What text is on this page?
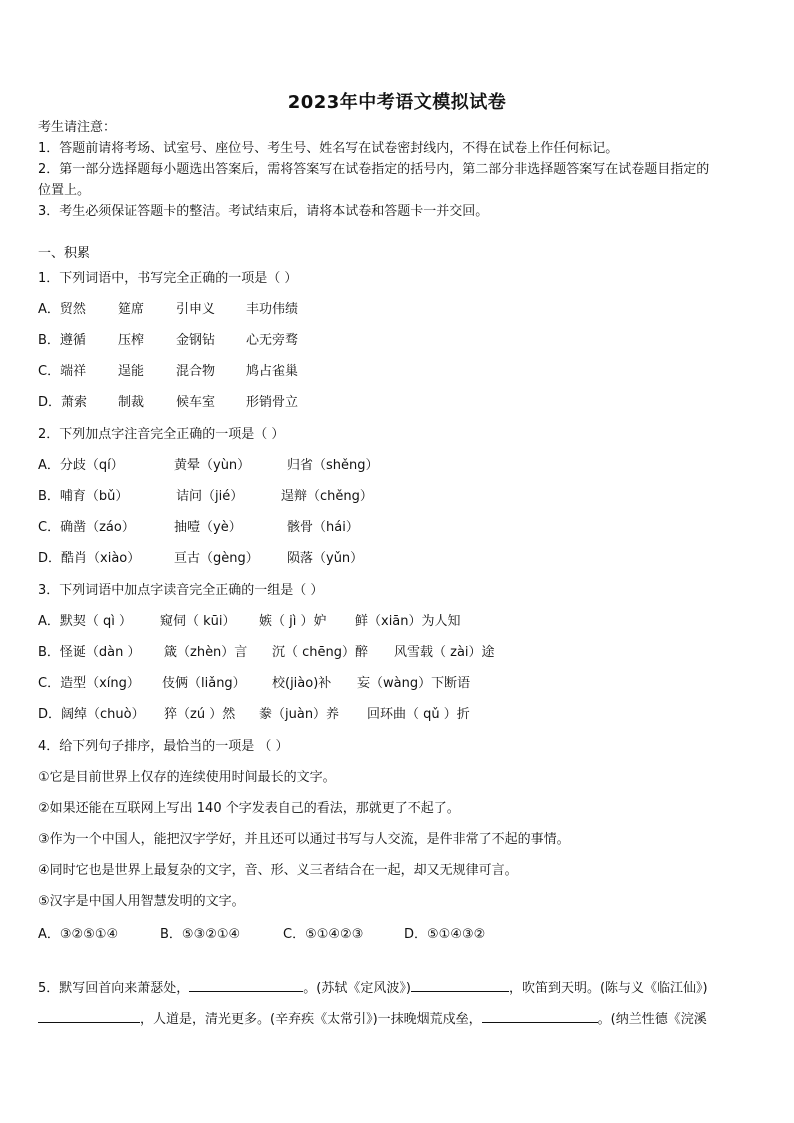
2023年中考语文模拟试卷
考生请注意：
1．答题前请将考场、试室号、座位号、考生号、姓名写在试卷密封线内，不得在试卷上作任何标记。
2．第一部分选择题每小题选出答案后，需将答案写在试卷指定的括号内，第二部分非选择题答案写在试卷题目指定的
位置上。
3．考生必须保证答题卡的整洁。考试结束后，请将本试卷和答题卡一并交回。
一、积累
1．下列词语中，书写完全正确的一项是（ ）
A．贸然 筵席 引申义 丰功伟绩
B．遵循 压榨 金钢钻 心无旁骛
C．端祥 逞能 混合物 鸠占雀巢
D．萧索 制裁 候车室 形销骨立
2．下列加点字注音完全正确的一项是（ ）
A．分歧（qí）	黄晕（yùn）	归省（shěng）
B．哺育（bǔ）	诘问（jié）	逞辩（chěng）
C．确凿（záo）	抽噎（yè）	骸骨（hái）
D．酷肖（xiào）	亘古（gèng） 陨落（yǔn）
3．下列词语中加点字读音完全正确的一组是（ ）
A．默契（ qì ） 窥伺（ kūi） 嫉（ jì ）妒 鲜（xiān）为人知
B．怪诞（dàn ） 箴（zhèn）言 沉（ chēng）醉 风雪载（ zài）途
C．造型（xíng） 伎俩（liǎng） 校(jiào)补 妄（wàng）下断语
D．阔绰（chuò） 猝（zú ）然 豢（juàn）养 回环曲（ qǔ ）折
4．给下列句子排序，最恰当的一项是 （ ）
①它是目前世界上仅存的连续使用时间最长的文字。
②如果还能在互联网上写出 140 个字发表自己的看法，那就更了不起了。
③作为一个中国人，能把汉字学好，并且还可以通过书写与人交流，是件非常了不起的事情。
④同时它也是世界上最复杂的文字，音、形、义三者结合在一起，却又无规律可言。
⑤汉字是中国人用智慧发明的文字。
A．③②⑤①④	B．⑤③②①④	C．⑤①④②③	D．⑤①④③②
5．默写回首向来萧瑟处，	。(苏轼《定风波》)	，吹笛到天明。(陈与义《临江仙》)
，人道是，清光更多。(辛弃疾《太常引》)一抹晚烟荒戍垒，	。(纳兰性德《浣溪
